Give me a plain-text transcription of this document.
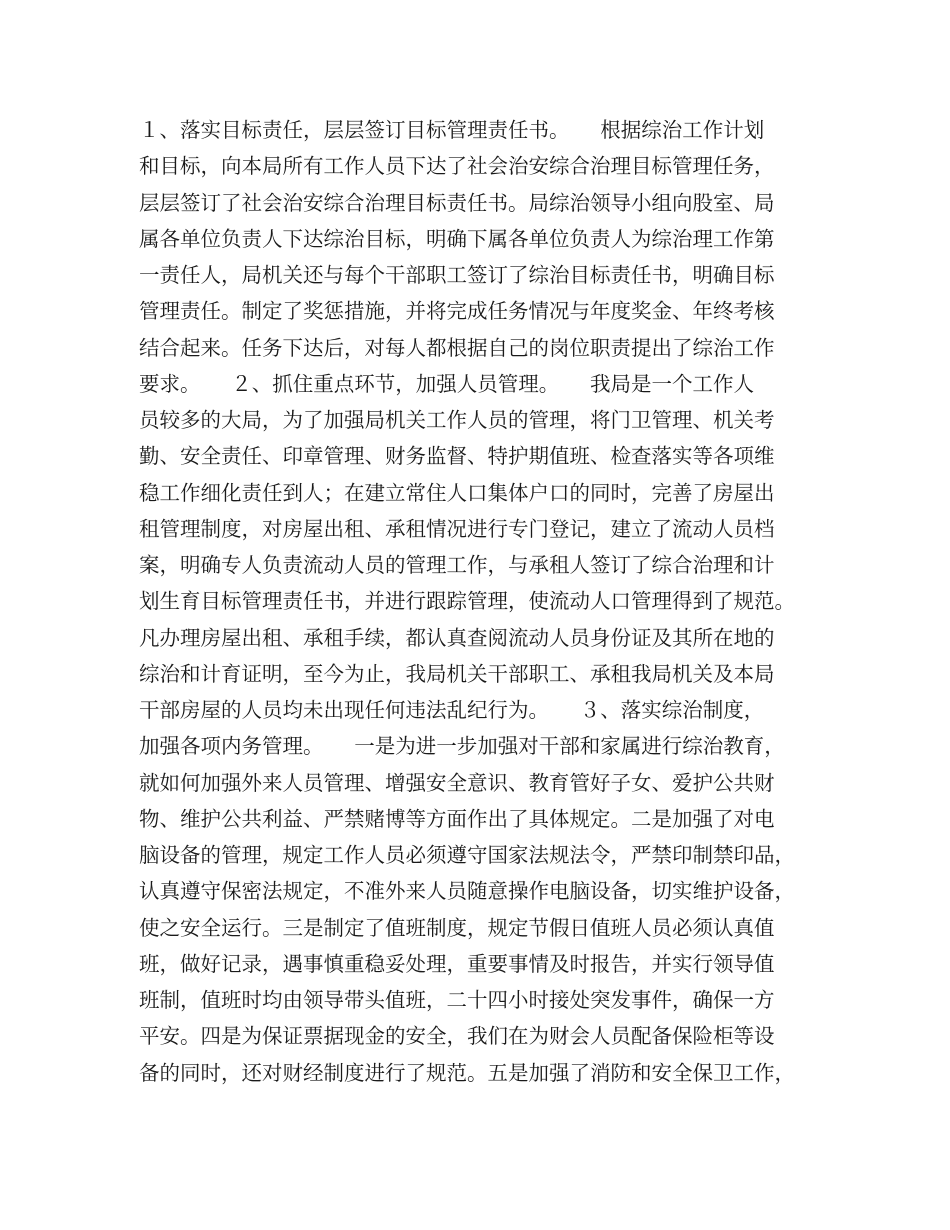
１、落实目标责任，层层签订目标管理责任书。　　根据综治工作计划
和目标，向本局所有工作人员下达了社会治安综合治理目标管理任务，
层层签订了社会治安综合治理目标责任书。局综治领导小组向股室、局
属各单位负责人下达综治目标，明确下属各单位负责人为综治理工作第
一责任人，局机关还与每个干部职工签订了综治目标责任书，明确目标
管理责任。制定了奖惩措施，并将完成任务情况与年度奖金、年终考核
结合起来。任务下达后，对每人都根据自己的岗位职责提出了综治工作
要求。　　２、抓住重点环节，加强人员管理。　　我局是一个工作人
员较多的大局，为了加强局机关工作人员的管理，将门卫管理、机关考
勤、安全责任、印章管理、财务监督、特护期值班、检查落实等各项维
稳工作细化责任到人；在建立常住人口集体户口的同时，完善了房屋出
租管理制度，对房屋出租、承租情况进行专门登记，建立了流动人员档
案，明确专人负责流动人员的管理工作，与承租人签订了综合治理和计
划生育目标管理责任书，并进行跟踪管理，使流动人口管理得到了规范。
凡办理房屋出租、承租手续，都认真查阅流动人员身份证及其所在地的
综治和计育证明，至今为止，我局机关干部职工、承租我局机关及本局
干部房屋的人员均未出现任何违法乱纪行为。　　３、落实综治制度，
加强各项内务管理。　　一是为进一步加强对干部和家属进行综治教育，
就如何加强外来人员管理、增强安全意识、教育管好子女、爱护公共财
物、维护公共利益、严禁赌博等方面作出了具体规定。二是加强了对电
脑设备的管理，规定工作人员必须遵守国家法规法令，严禁印制禁印品，
认真遵守保密法规定，不准外来人员随意操作电脑设备，切实维护设备，
使之安全运行。三是制定了值班制度，规定节假日值班人员必须认真值
班，做好记录，遇事慎重稳妥处理，重要事情及时报告，并实行领导值
班制，值班时均由领导带头值班，二十四小时接处突发事件，确保一方
平安。四是为保证票据现金的安全，我们在为财会人员配备保险柜等设
备的同时，还对财经制度进行了规范。五是加强了消防和安全保卫工作，
